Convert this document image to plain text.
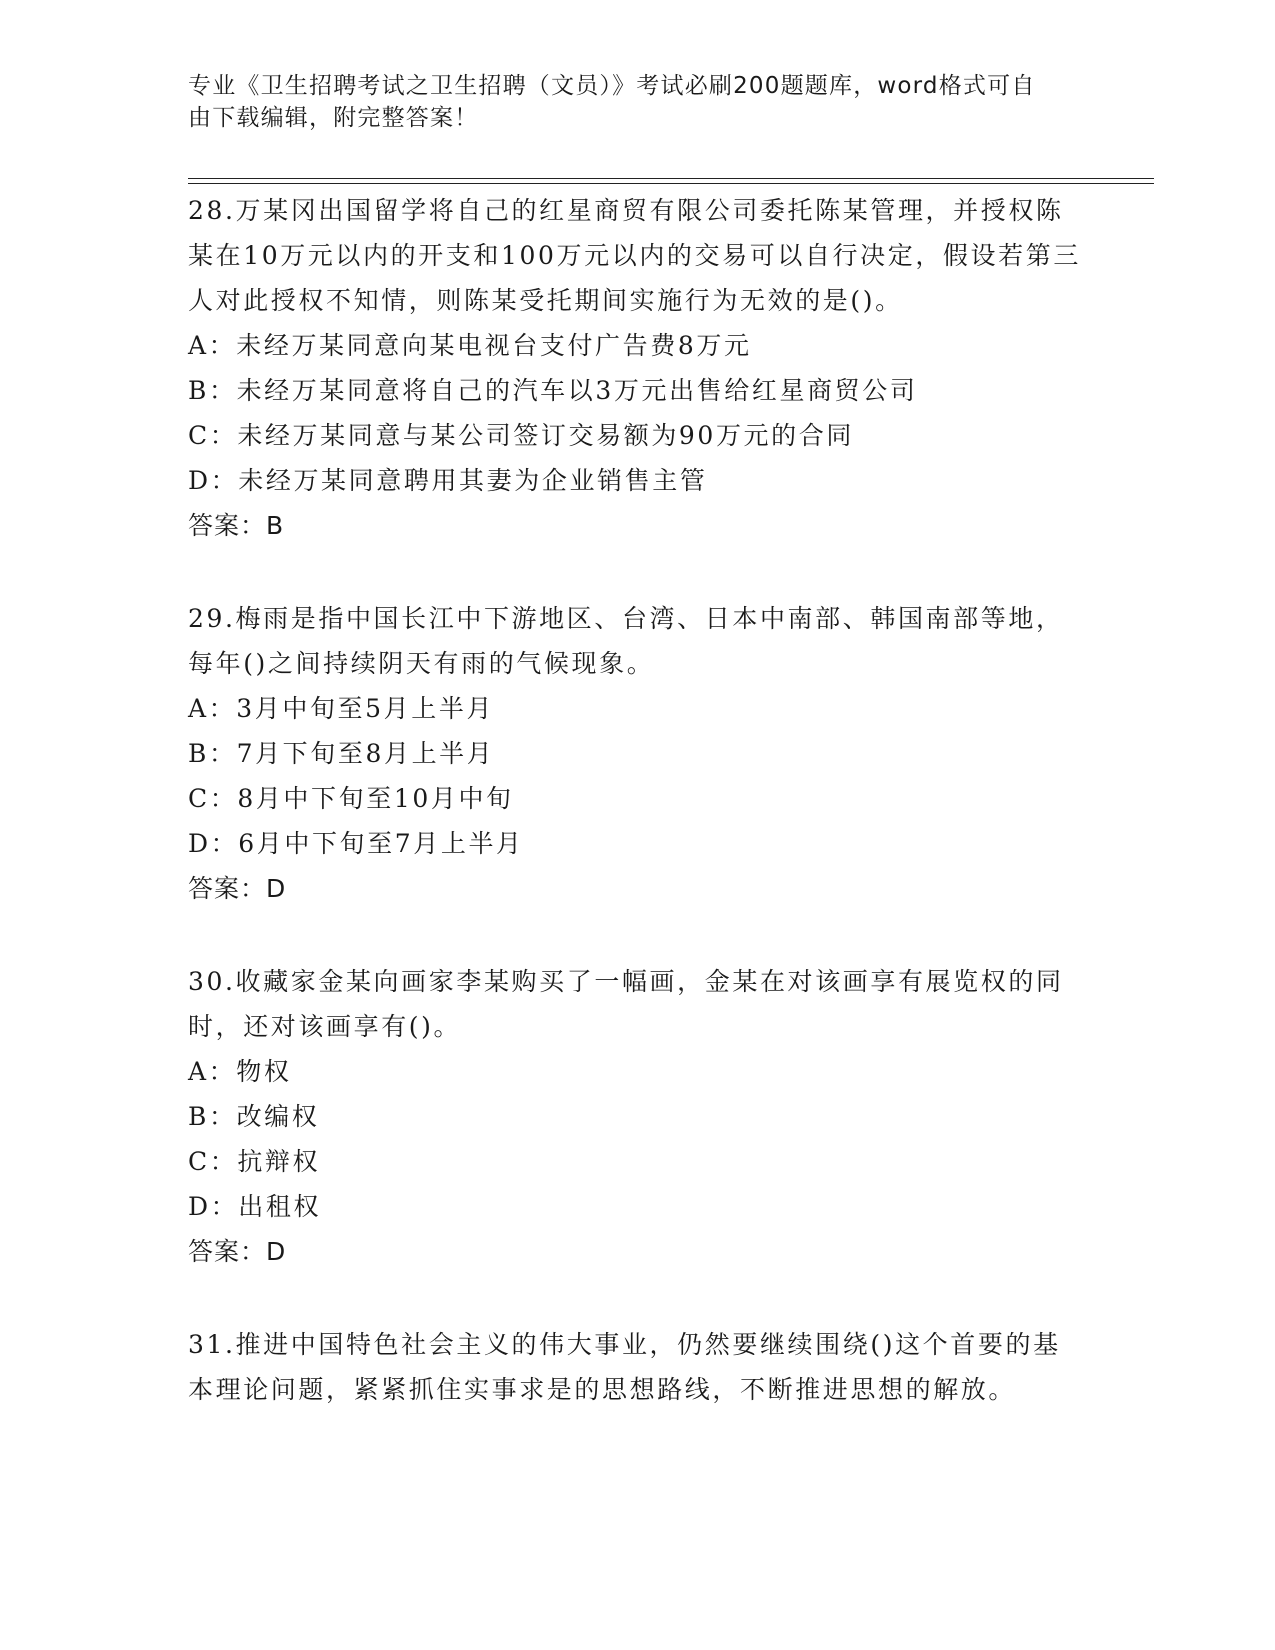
专业《卫生招聘考试之卫生招聘（文员）》考试必刷200题题库，word格式可自
由下载编辑，附完整答案！

28.万某冈出国留学将自己的红星商贸有限公司委托陈某管理，并授权陈某在10万元以内的开支和100万元以内的交易可以自行决定，假设若第三人对此授权不知情，则陈某受托期间实施行为无效的是()。

A：未经万某同意向某电视台支付广告费8万元
B：未经万某同意将自己的汽车以3万元出售给红星商贸公司
C：未经万某同意与某公司签订交易额为90万元的合同
D：未经万某同意聘用其妻为企业销售主管
答案：B

29.梅雨是指中国长江中下游地区、台湾、日本中南部、韩国南部等地，每年()之间持续阴天有雨的气候现象。

A：3月中旬至5月上半月
B：7月下旬至8月上半月
C：8月中下旬至10月中旬
D：6月中下旬至7月上半月
答案：D

30.收藏家金某向画家李某购买了一幅画，金某在对该画享有展览权的同时，还对该画享有()。

A：物权
B：改编权
C：抗辩权
D：出租权
答案：D

31.推进中国特色社会主义的伟大事业，仍然要继续围绕()这个首要的基本理论问题，紧紧抓住实事求是的思想路线，不断推进思想的解放。
